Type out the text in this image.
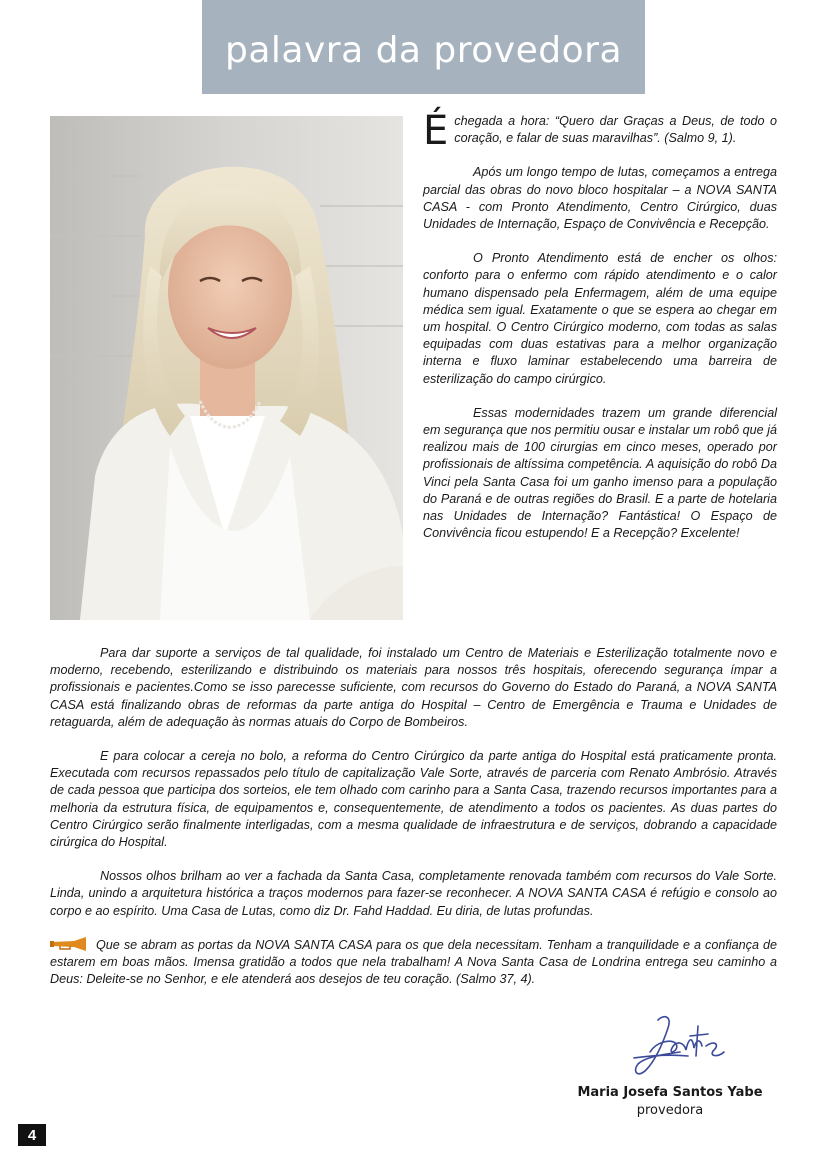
palavra da provedora

Échegada a hora: “Quero dar Graças a Deus, de todo o coração, e falar de suas maravilhas”. (Salmo 9, 1).

Após um longo tempo de lutas, começamos a entrega parcial das obras do novo bloco hospitalar – a NOVA SANTA CASA - com Pronto Atendimento, Centro Cirúrgico, duas Unidades de Internação, Espaço de Convivência e Recepção.

O Pronto Atendimento está de encher os olhos: conforto para o enfermo com rápido atendimento e o calor humano dispensado pela Enfermagem, além de uma equipe médica sem igual. Exatamente o que se espera ao chegar em um hospital. O Centro Cirúrgico moderno, com todas as salas equipadas com duas estativas para a melhor organização interna e fluxo laminar estabelecendo uma barreira de esterilização do campo cirúrgico.

Essas modernidades trazem um grande diferencial em segurança que nos permitiu ousar e instalar um robô que já realizou mais de 100 cirurgias em cinco meses, operado por profissionais de altíssima competência. A aquisição do robô Da Vinci pela Santa Casa foi um ganho imenso para a população do Paraná e de outras regiões do Brasil. E a parte de hotelaria nas Unidades de Internação? Fantástica! O Espaço de Convivência ficou estupendo! E a Recepção? Excelente!

Para dar suporte a serviços de tal qualidade, foi instalado um Centro de Materiais e Esterilização totalmente novo e moderno, recebendo, esterilizando e distribuindo os materiais para nossos três hospitais, oferecendo segurança ímpar a profissionais e pacientes.Como se isso parecesse suficiente, com recursos do Governo do Estado do Paraná, a NOVA SANTA CASA está finalizando obras de reformas da parte antiga do Hospital – Centro de Emergência e Trauma e Unidades de retaguarda, além de adequação às normas atuais do Corpo de Bombeiros.

E para colocar a cereja no bolo, a reforma do Centro Cirúrgico da parte antiga do Hospital está praticamente pronta. Executada com recursos repassados pelo título de capitalização Vale Sorte, através de parceria com Renato Ambrósio. Através de cada pessoa que participa dos sorteios, ele tem olhado com carinho para a Santa Casa, trazendo recursos importantes para a melhoria da estrutura física, de equipamentos e, consequentemente, de atendimento a todos os pacientes. As duas partes do Centro Cirúrgico serão finalmente interligadas, com a mesma qualidade de infraestrutura e de serviços, dobrando a capacidade cirúrgica do Hospital.

Nossos olhos brilham ao ver a fachada da Santa Casa, completamente renovada também com recursos do Vale Sorte. Linda, unindo a arquitetura histórica a traços modernos para fazer-se reconhecer. A NOVA SANTA CASA é refúgio e consolo ao corpo e ao espírito. Uma Casa de Lutas, como diz Dr. Fahd Haddad. Eu diria, de lutas profundas.

Que se abram as portas da NOVA SANTA CASA para os que dela necessitam. Tenham a tranquilidade e a confiança de estarem em boas mãos. Imensa gratidão a todos que nela trabalham! A Nova Santa Casa de Londrina entrega seu caminho a Deus: Deleite-se no Senhor, e ele atenderá aos desejos de teu coração. (Salmo 37, 4).

Maria Josefa Santos Yabe
provedora
4
